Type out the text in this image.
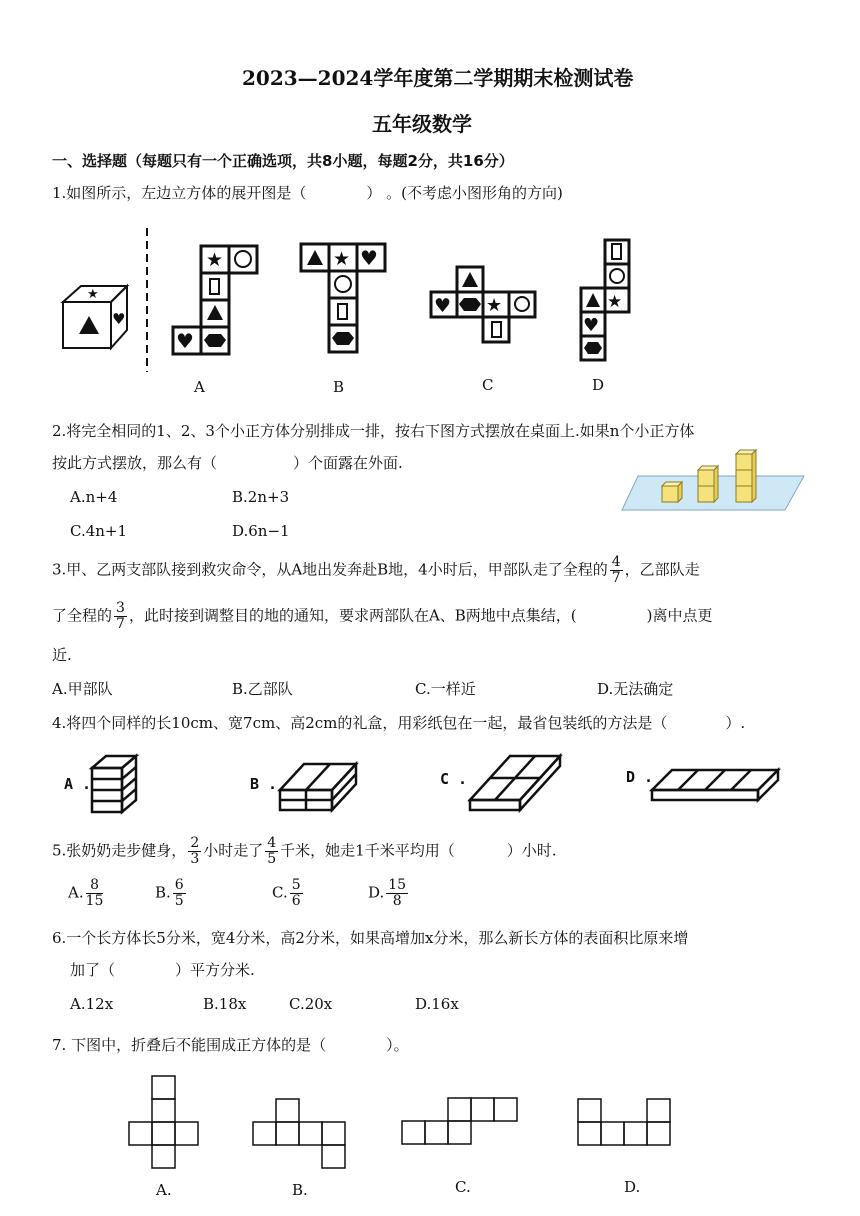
2023—2024学年度第二学期期末检测试卷
五年级数学
一、选择题（每题只有一个正确选项，共8小题，每题2分，共16分）
1.如图所示，左边立方体的展开图是（	） 。(不考虑小图形角的方向)
★
♥
★
♥
★ ♥
♥ ★	★
♥
A	B	C	D
2.将完全相同的1、2、3个小正方体分别排成一排，按右下图方式摆放在桌面上.如果n个小正方体
按此方式摆放，那么有（	）个面露在外面.
A.n+4	B.2n+3
C.4n+1	D.6n−1
3.甲、乙两支部队接到救灾命令，从A地出发奔赴B地，4小时后，甲部队走了全程的 $\frac{4}{7}$ ，乙部队走
了全程的 $\frac{3}{7}$ ，此时接到调整目的地的通知，要求两部队在A、B两地中点集结，(	)离中点更
近.
A.甲部队	B.乙部队	C.一样近	D.无法确定
4.将四个同样的长10cm、宽7cm、高2cm的礼盒，用彩纸包在一起，最省包装纸的方法是（	）.
A .	B .	C .	D .
5.张奶奶走步健身， $\frac{2}{3}$ 小时走了 $\frac{4}{5}$ 千米，她走1千米平均用（	）小时.
A. $\frac{8}{15}$	B. $\frac{6}{5}$	C. $\frac{5}{6}$	D. $\frac{15}{8}$
6.一个长方体长5分米，宽4分米，高2分米，如果高增加x分米，那么新长方体的表面积比原来增
加了（	）平方分米.
A.12x	B.18x	C.20x	D.16x
7. 下图中，折叠后不能围成正方体的是（	）。
A.	B.	C.	D.
